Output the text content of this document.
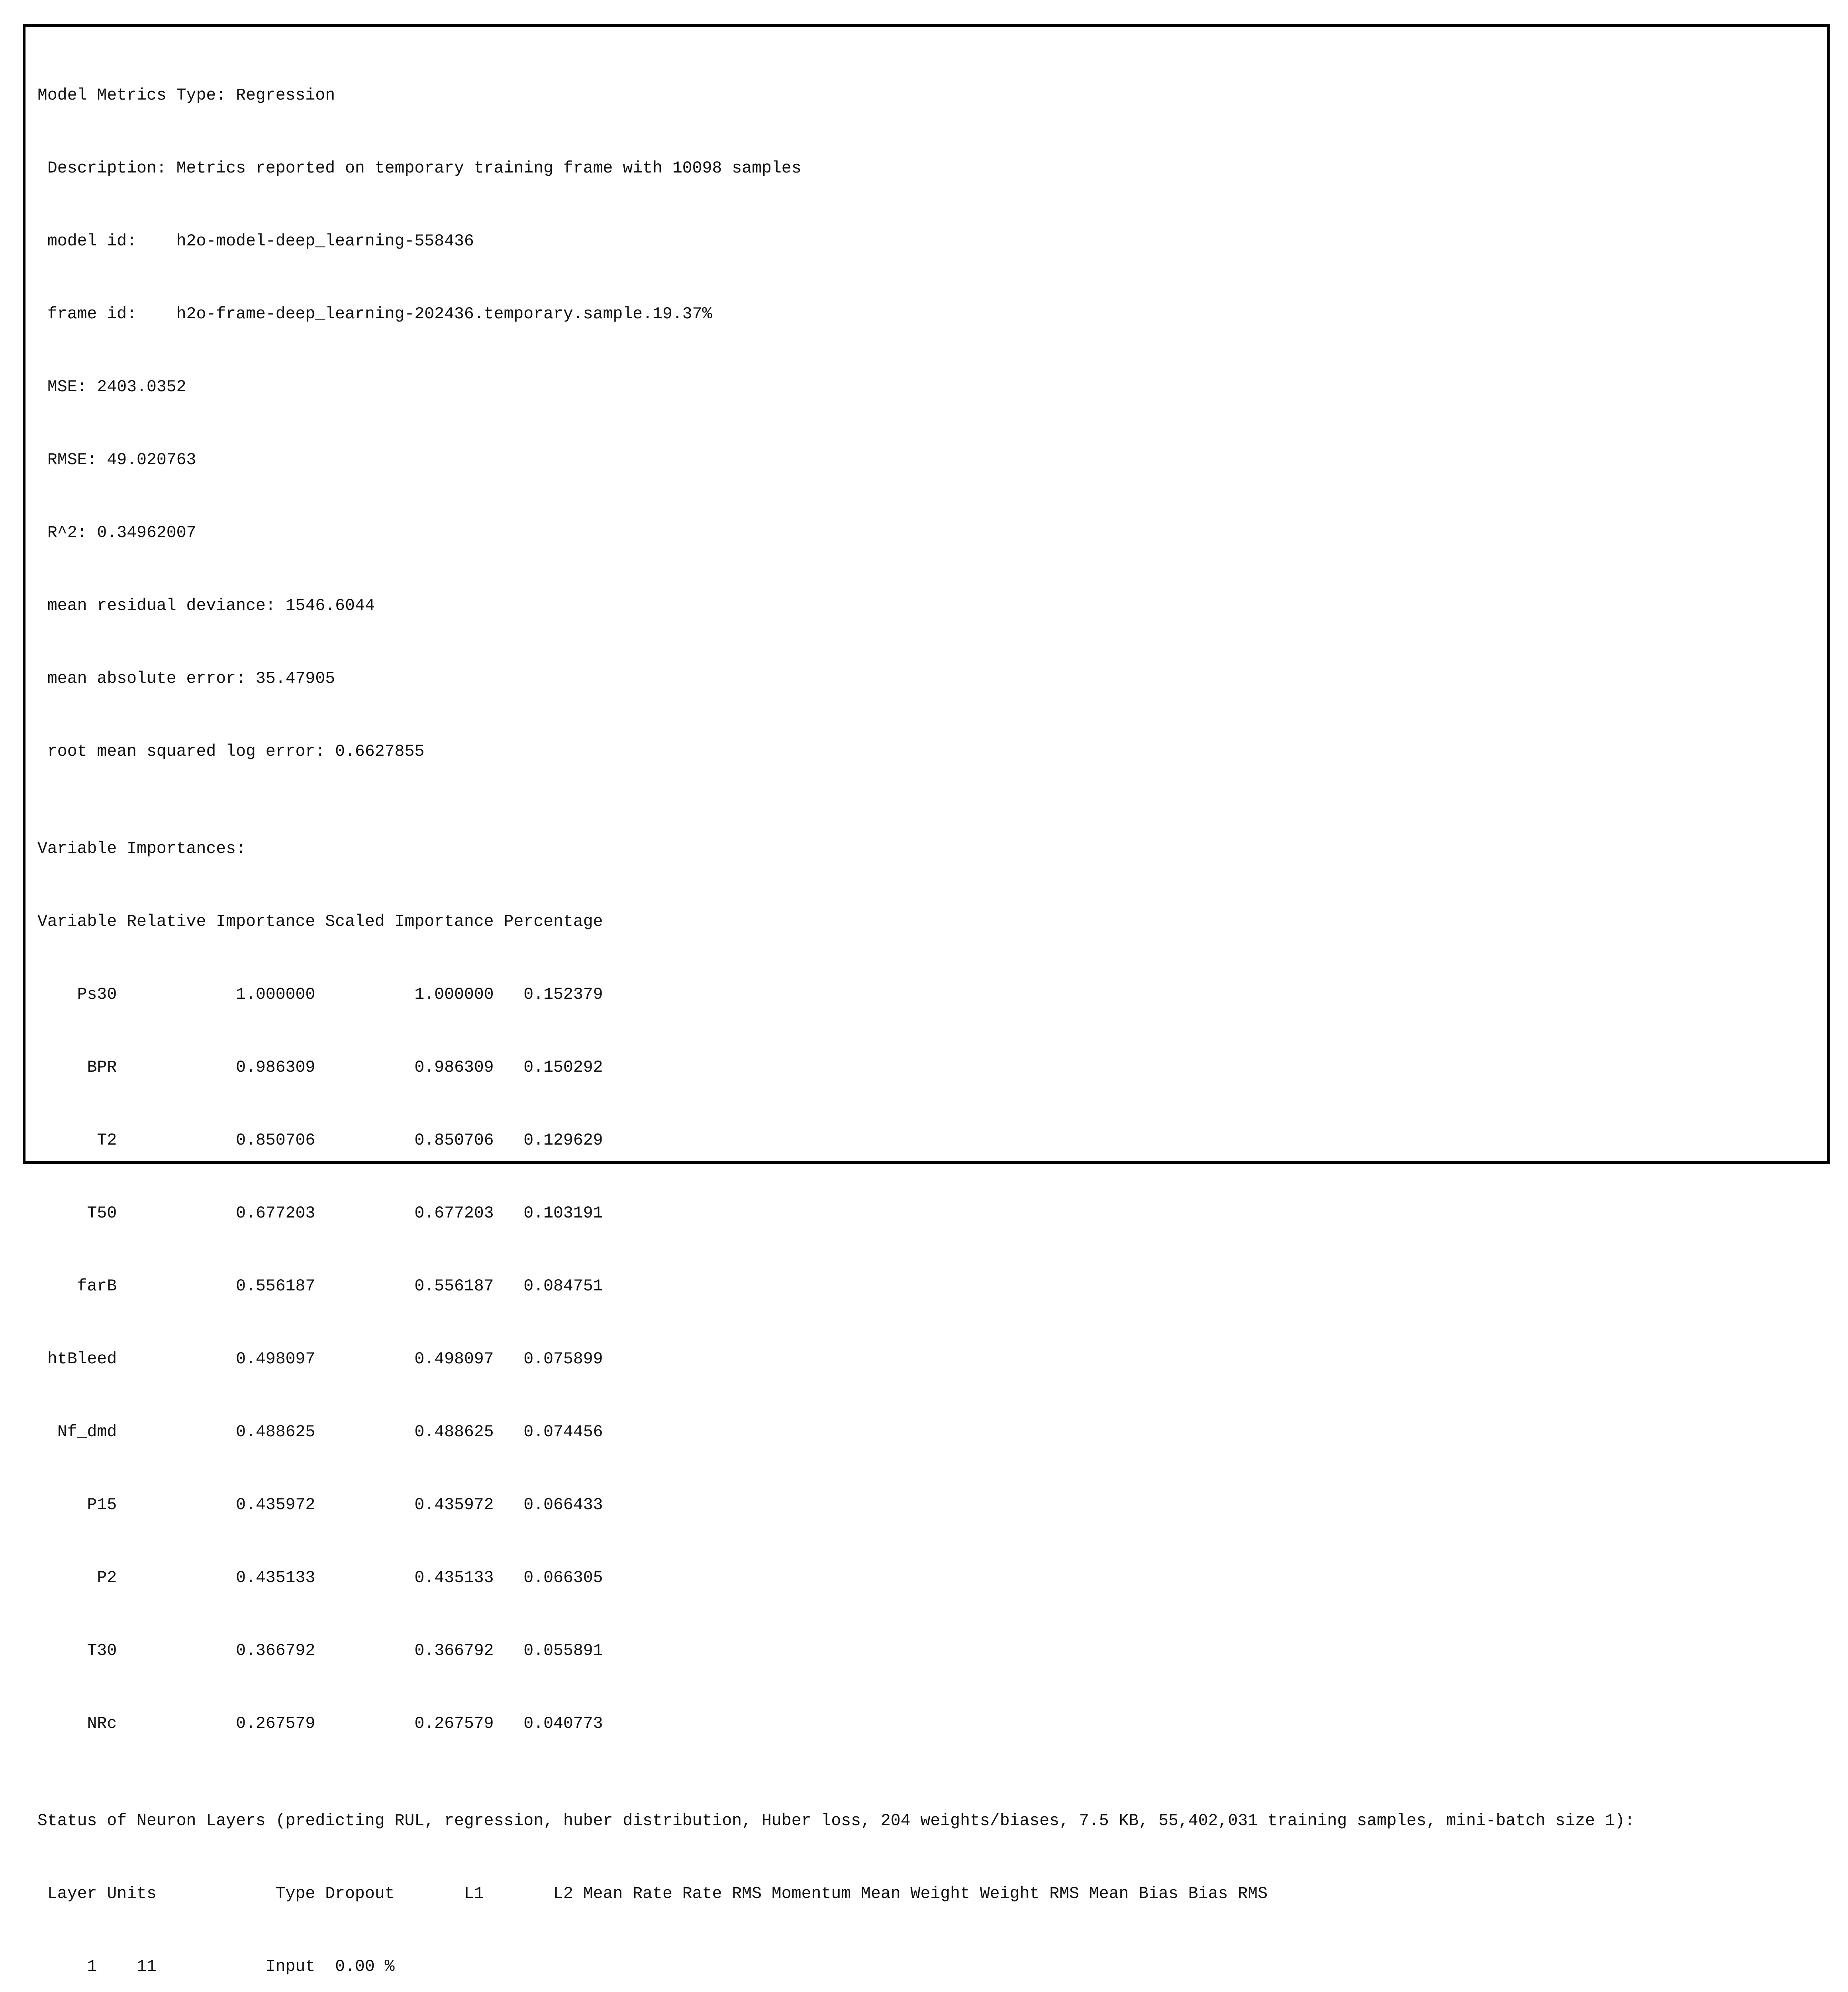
Model Metrics Type: Regression

Description: Metrics reported on temporary training frame with 10098 samples

model id:    h2o-model-deep_learning-558436

frame id:    h2o-frame-deep_learning-202436.temporary.sample.19.37%

MSE: 2403.0352

RMSE: 49.020763

R^2: 0.34962007

mean residual deviance: 1546.6044

mean absolute error: 35.47905

root mean squared log error: 0.6627855

Variable Importances:

Variable Relative Importance Scaled Importance Percentage

Ps30            1.000000          1.000000   0.152379

BPR            0.986309          0.986309   0.150292

T2            0.850706          0.850706   0.129629

T50            0.677203          0.677203   0.103191

farB            0.556187          0.556187   0.084751

htBleed            0.498097          0.498097   0.075899

Nf_dmd            0.488625          0.488625   0.074456

P15            0.435972          0.435972   0.066433

P2            0.435133          0.435133   0.066305

T30            0.366792          0.366792   0.055891

NRc            0.267579          0.267579   0.040773

Status of Neuron Layers (predicting RUL, regression, huber distribution, Huber loss, 204 weights/biases, 7.5 KB, 55,402,031 training samples, mini-batch size 1):

Layer Units            Type Dropout       L1       L2 Mean Rate Rate RMS Momentum Mean Weight Weight RMS Mean Bias Bias RMS

1    11           Input  0.00 %
